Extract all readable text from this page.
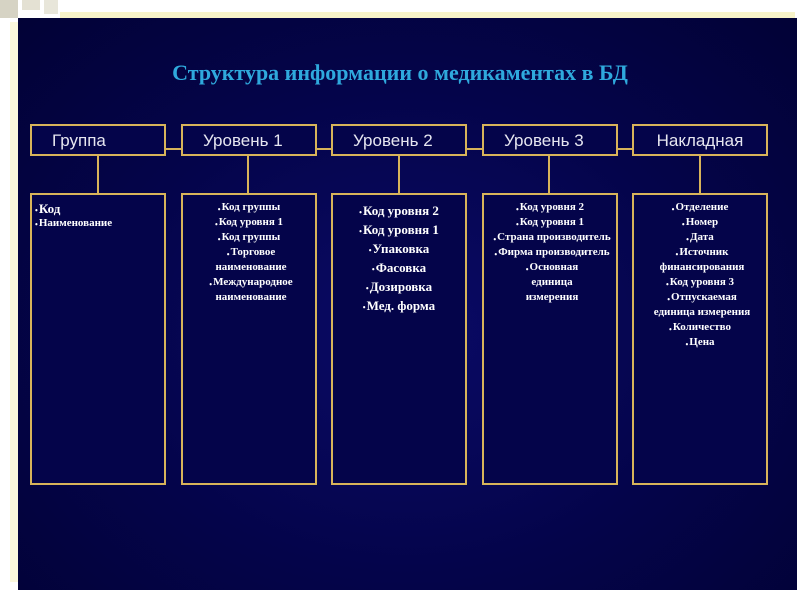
Структура информации о медикаментах в БД
Группа
•Код
•Наименование
Уровень 1
•Код группы
•Код уровня 1
•Код группы
•Торговое наименование
•Международное наименование
Уровень 2
•Код уровня 2
•Код уровня 1
•Упаковка
•Фасовка
•Дозировка
•Мед. форма
Уровень 3
•Код уровня 2
•Код уровня 1
•Страна производитель
•Фирма производитель
•Основная единица измерения
Накладная
•Отделение
•Номер
•Дата
•Источник финансирования
•Код уровня 3
•Отпускаемая единица измерения
•Количество
•Цена
